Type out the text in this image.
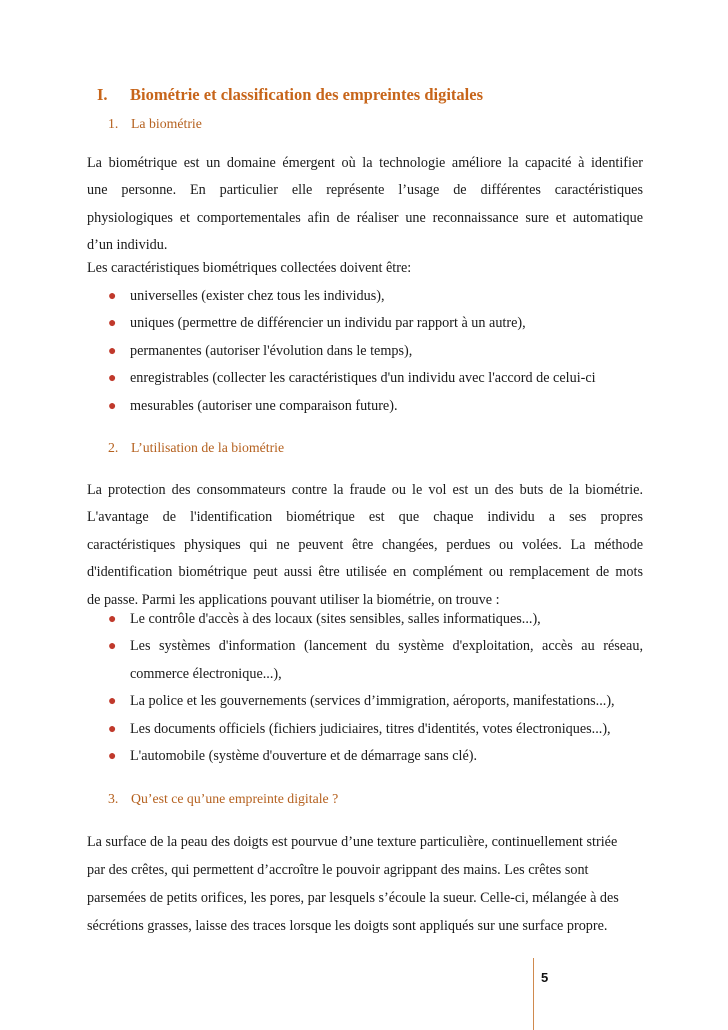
I. Biométrie et classification des empreintes digitales
1. La biométrie
La biométrique est un domaine émergent où la technologie améliore la capacité à identifier
une personne. En particulier elle représente l’usage de différentes caractéristiques
physiologiques et comportementales afin de réaliser une reconnaissance sure et automatique
d’un individu.
Les caractéristiques biométriques collectées doivent être:
● universelles (exister chez tous les individus),
● uniques (permettre de différencier un individu par rapport à un autre),
● permanentes (autoriser l'évolution dans le temps),
● enregistrables (collecter les caractéristiques d'un individu avec l'accord de celui-ci
● mesurables (autoriser une comparaison future).
2. L’utilisation de la biométrie
La protection des consommateurs contre la fraude ou le vol est un des buts de la biométrie.
L'avantage de l'identification biométrique est que chaque individu a ses propres
caractéristiques physiques qui ne peuvent être changées, perdues ou volées. La méthode
d'identification biométrique peut aussi être utilisée en complément ou remplacement de mots
de passe. Parmi les applications pouvant utiliser la biométrie, on trouve :
● Le contrôle d'accès à des locaux (sites sensibles, salles informatiques...),
● Les systèmes d'information (lancement du système d'exploitation, accès au réseau, commerce électronique...),
● La police et les gouvernements (services d’immigration, aéroports, manifestations...),
● Les documents officiels (fichiers judiciaires, titres d'identités, votes électroniques...),
● L'automobile (système d'ouverture et de démarrage sans clé).
3. Qu’est ce qu’une empreinte digitale ?
La surface de la peau des doigts est pourvue d’une texture particulière, continuellement striée
par des crêtes, qui permettent d’accroître le pouvoir agrippant des mains. Les crêtes sont
parsemées de petits orifices, les pores, par lesquels s’écoule la sueur. Celle-ci, mélangée à des
sécrétions grasses, laisse des traces lorsque les doigts sont appliqués sur une surface propre.
5
